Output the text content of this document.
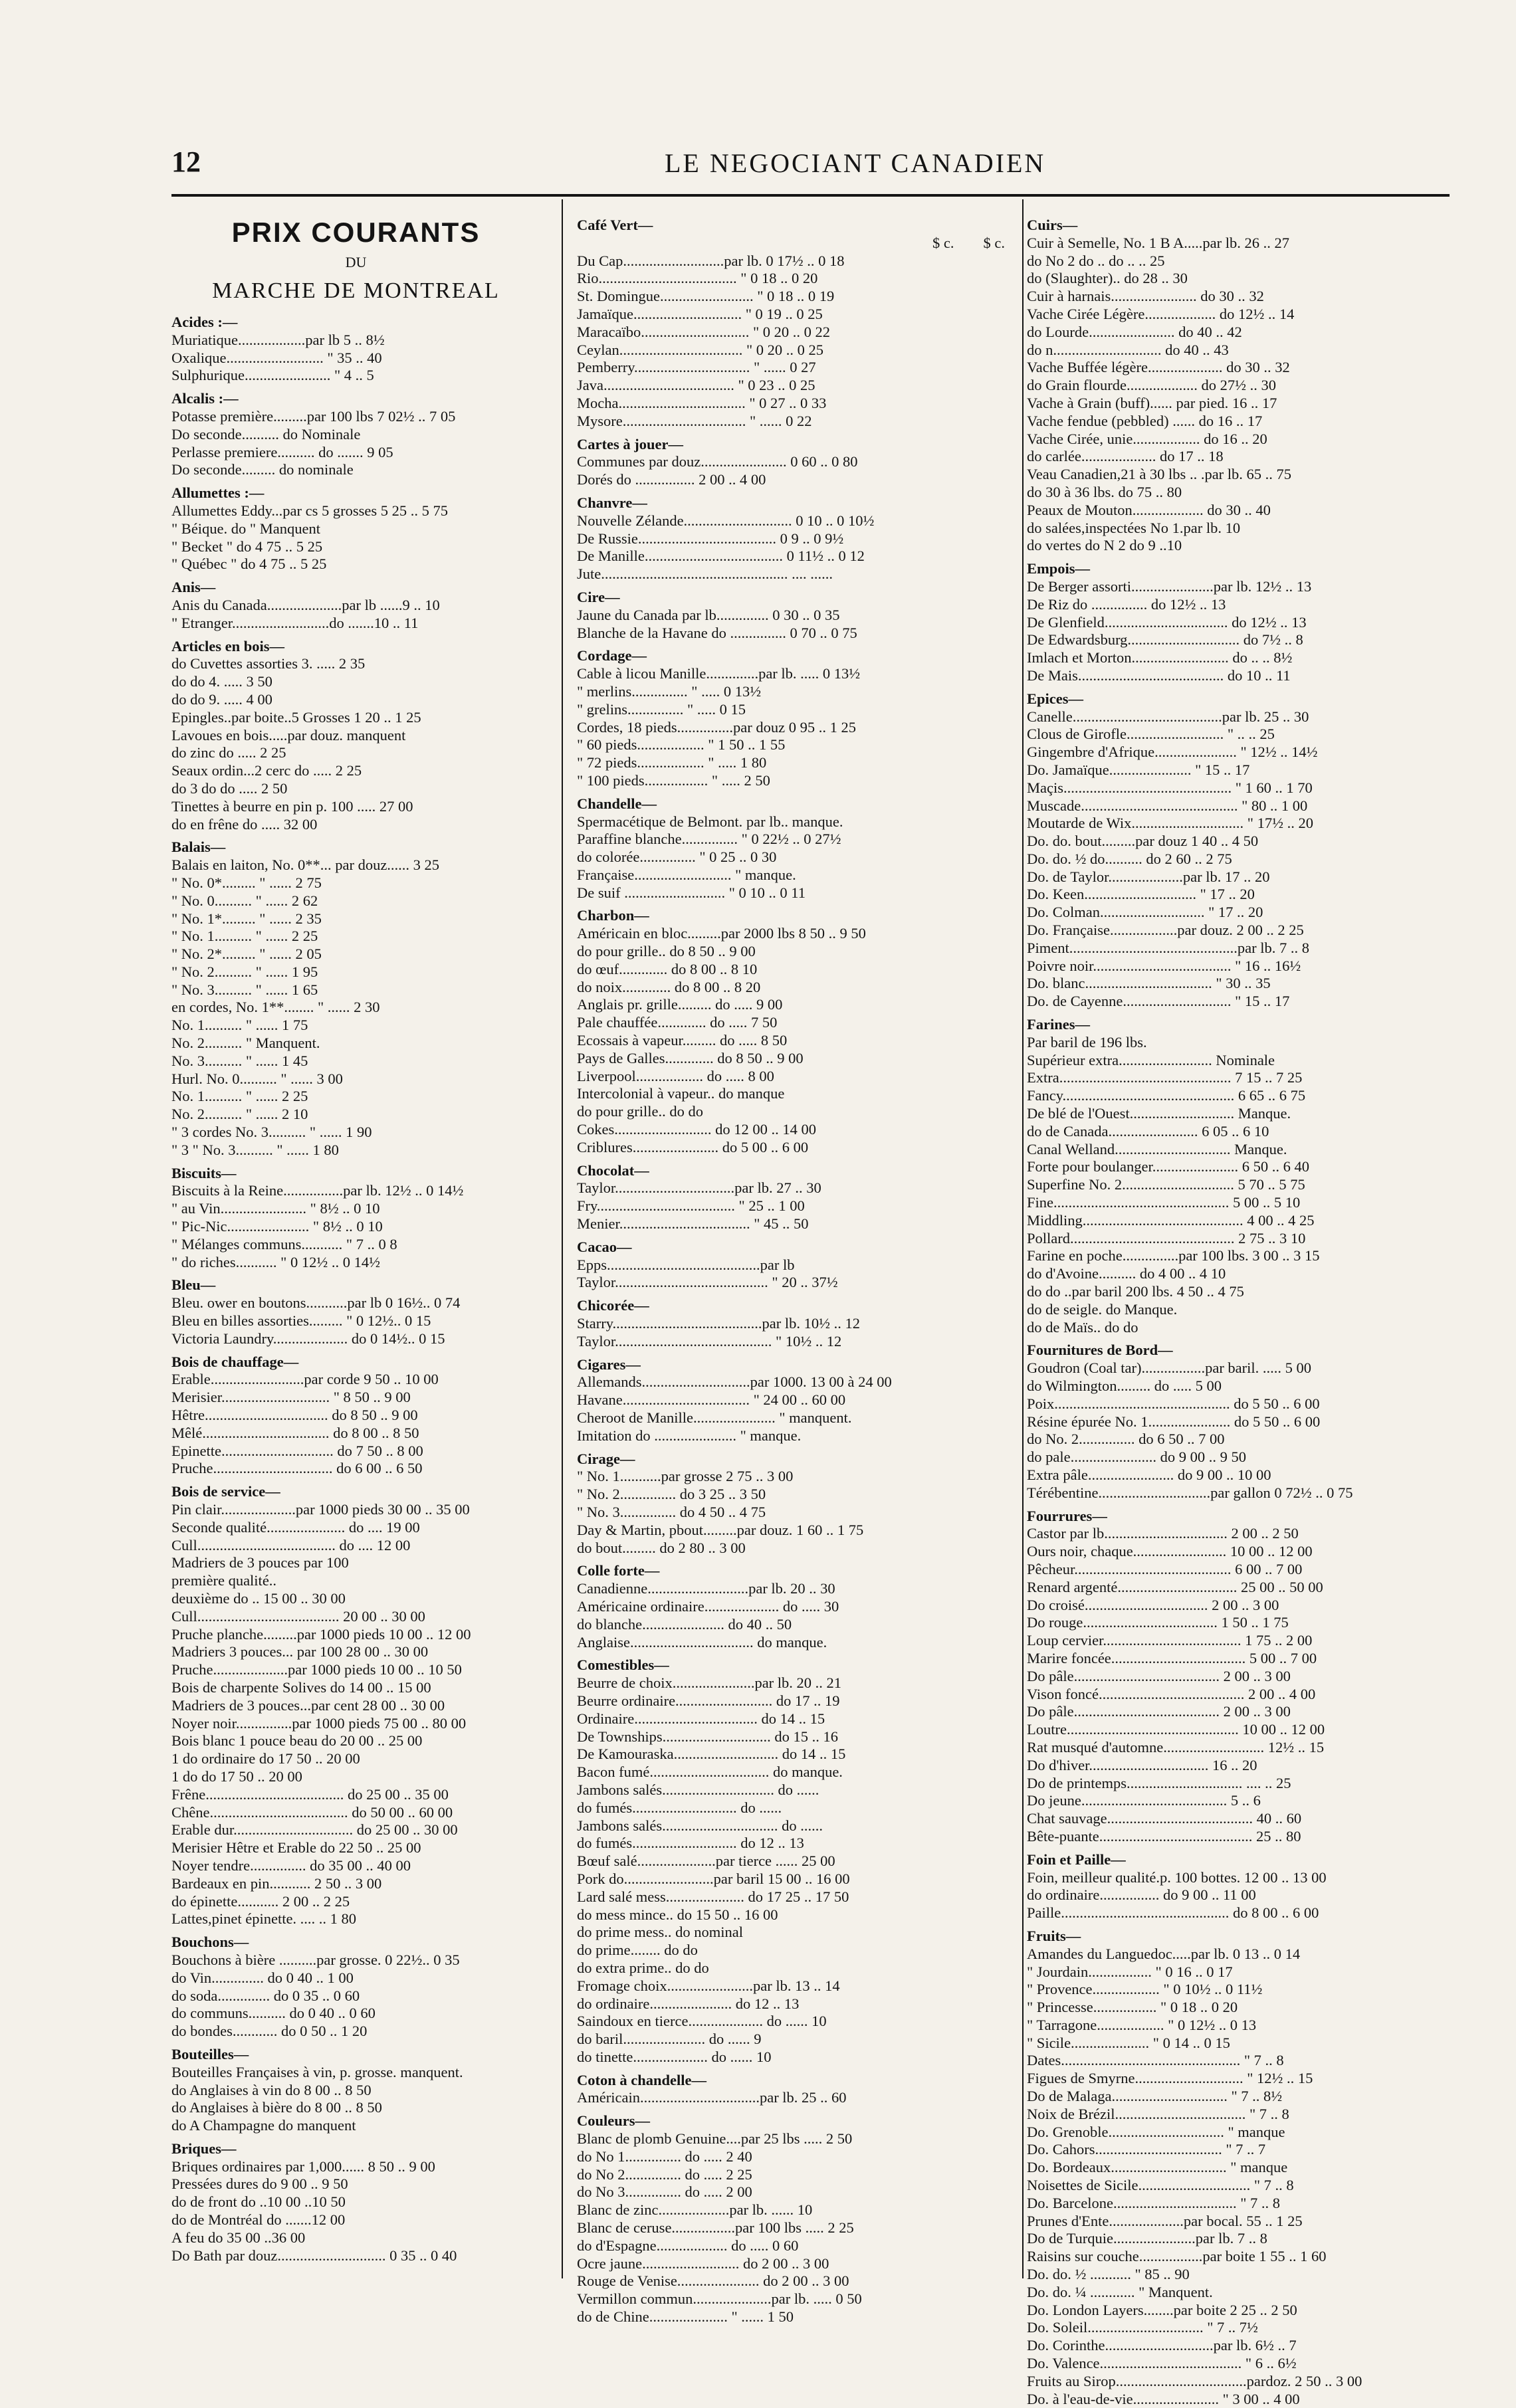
12	LE NEGOCIANT CANADIEN
PRIX COURANTS
DU
MARCHE DE MONTREAL
Acides :—
Muriatique..................par lb 5 .. 8½
Oxalique.......................... " 35 .. 40
Sulphurique....................... " 4 .. 5
Alcalis :—
Potasse première.........par 100 lbs 7 02½ .. 7 05
Do seconde.......... do Nominale
Perlasse premiere.......... do ....... 9 05
Do seconde......... do nominale
Allumettes :—
Allumettes Eddy...par cs 5 grosses 5 25 .. 5 75
" Béique. do " Manquent
" Becket " do 4 75 .. 5 25
" Québec " do 4 75 .. 5 25
Anis—
Anis du Canada....................par lb ......9 .. 10
" Etranger..........................do .......10 .. 11
Articles en bois—
do Cuvettes assorties 3. ..... 2 35
do do 4. ..... 3 50
do do 9. ..... 4 00
Epingles..par boite..5 Grosses 1 20 .. 1 25
Lavoues en bois.....par douz. manquent
do zinc do ..... 2 25
Seaux ordin...2 cerc do ..... 2 25
do 3 do do ..... 2 50
Tinettes à beurre en pin p. 100 ..... 27 00
do en frêne do ..... 32 00
Balais—
Balais en laiton, No. 0**... par douz...... 3 25
" No. 0*......... " ...... 2 75
" No. 0.......... " ...... 2 62
" No. 1*......... " ...... 2 35
" No. 1.......... " ...... 2 25
" No. 2*......... " ...... 2 05
" No. 2.......... " ...... 1 95
" No. 3.......... " ...... 1 65
en cordes, No. 1**........ " ...... 2 30
No. 1.......... " ...... 1 75
No. 2.......... " Manquent.
No. 3.......... " ...... 1 45
Hurl. No. 0.......... " ...... 3 00
No. 1.......... " ...... 2 25
No. 2.......... " ...... 2 10
" 3 cordes No. 3.......... " ...... 1 90
" 3 " No. 3.......... " ...... 1 80
Biscuits—
Biscuits à la Reine................par lb. 12½ .. 0 14½
" au Vin....................... " 8½ .. 0 10
" Pic-Nic...................... " 8½ .. 0 10
" Mélanges communs........... " 7 .. 0 8
" do riches........... " 0 12½ .. 0 14½
Bleu—
Bleu. ower en boutons...........par lb 0 16½.. 0 74
Bleu en billes assorties......... " 0 12½.. 0 15
Victoria Laundry.................... do 0 14½.. 0 15
Bois de chauffage—
Erable.........................par corde 9 50 .. 10 00
Merisier............................. " 8 50 .. 9 00
Hêtre................................. do 8 50 .. 9 00
Mêlé.................................. do 8 00 .. 8 50
Epinette.............................. do 7 50 .. 8 00
Pruche................................ do 6 00 .. 6 50
Bois de service—
Pin clair....................par 1000 pieds 30 00 .. 35 00
Seconde qualité..................... do .... 19 00
Cull..................................... do .... 12 00
Madriers de 3 pouces par 100
première qualité..
deuxième do .. 15 00 .. 30 00
Cull...................................... 20 00 .. 30 00
Pruche planche.........par 1000 pieds 10 00 .. 12 00
Madriers 3 pouces... par 100 28 00 .. 30 00
Pruche....................par 1000 pieds 10 00 .. 10 50
Bois de charpente Solives do 14 00 .. 15 00
Madriers de 3 pouces...par cent 28 00 .. 30 00
Noyer noir...............par 1000 pieds 75 00 .. 80 00
Bois blanc 1 pouce beau do 20 00 .. 25 00
1 do ordinaire do 17 50 .. 20 00
1 do do 17 50 .. 20 00
Frêne..................................... do 25 00 .. 35 00
Chêne..................................... do 50 00 .. 60 00
Erable dur................................ do 25 00 .. 30 00
Merisier Hêtre et Erable do 22 50 .. 25 00
Noyer tendre............... do 35 00 .. 40 00
Bardeaux en pin........... 2 50 .. 3 00
do épinette........... 2 00 .. 2 25
Lattes,pinet épinette. .... .. 1 80
Bouchons—
Bouchons à bière ..........par grosse. 0 22½.. 0 35
do Vin.............. do 0 40 .. 1 00
do soda.............. do 0 35 .. 0 60
do communs.......... do 0 40 .. 0 60
do bondes............ do 0 50 .. 1 20
Bouteilles—
Bouteilles Françaises à vin, p. grosse. manquent.
do Anglaises à vin do 8 00 .. 8 50
do Anglaises à bière do 8 00 .. 8 50
do A Champagne do manquent
Briques—
Briques ordinaires par 1,000...... 8 50 .. 9 00
Pressées dures do 9 00 .. 9 50
do de front do ..10 00 ..10 50
do de Montréal do .......12 00
A feu do 35 00 ..36 00
Do Bath par douz............................. 0 35 .. 0 40
Café Vert—
$ c. $ c.
Du Cap...........................par lb. 0 17½ .. 0 18
Rio..................................... " 0 18 .. 0 20
St. Domingue......................... " 0 18 .. 0 19
Jamaïque............................. " 0 19 .. 0 25
Maracaïbo............................. " 0 20 .. 0 22
Ceylan................................. " 0 20 .. 0 25
Pemberry............................... " ...... 0 27
Java................................... " 0 23 .. 0 25
Mocha.................................. " 0 27 .. 0 33
Mysore................................. " ...... 0 22
Cartes à jouer—
Communes par douz....................... 0 60 .. 0 80
Dorés do ................ 2 00 .. 4 00
Chanvre—
Nouvelle Zélande............................. 0 10 .. 0 10½
De Russie..................................... 0 9 .. 0 9½
De Manille..................................... 0 11½ .. 0 12
Jute.................................................. .... ......
Cire—
Jaune du Canada par lb.............. 0 30 .. 0 35
Blanche de la Havane do ............... 0 70 .. 0 75
Cordage—
Cable à licou Manille..............par lb. ..... 0 13½
" merlins............... " ..... 0 13½
" grelins............... " ..... 0 15
Cordes, 18 pieds...............par douz 0 95 .. 1 25
" 60 pieds.................. " 1 50 .. 1 55
" 72 pieds.................. " ..... 1 80
" 100 pieds................. " ..... 2 50
Chandelle—
Spermacétique de Belmont. par lb.. manque.
Paraffine blanche............... " 0 22½ .. 0 27½
do colorée............... " 0 25 .. 0 30
Française.......................... " manque.
De suif ........................... " 0 10 .. 0 11
Charbon—
Américain en bloc.........par 2000 lbs 8 50 .. 9 50
do pour grille.. do 8 50 .. 9 00
do œuf............. do 8 00 .. 8 10
do noix............. do 8 00 .. 8 20
Anglais pr. grille......... do ..... 9 00
Pale chauffée............. do ..... 7 50
Ecossais à vapeur......... do ..... 8 50
Pays de Galles............. do 8 50 .. 9 00
Liverpool.................. do ..... 8 00
Intercolonial à vapeur.. do manque
do pour grille.. do do
Cokes.......................... do 12 00 .. 14 00
Criblures....................... do 5 00 .. 6 00
Chocolat—
Taylor................................par lb. 27 .. 30
Fry..................................... " 25 .. 1 00
Menier................................... " 45 .. 50
Cacao—
Epps.........................................par lb
Taylor......................................... " 20 .. 37½
Chicorée—
Starry........................................par lb. 10½ .. 12
Taylor.......................................... " 10½ .. 12
Cigares—
Allemands.............................par 1000. 13 00 à 24 00
Havane.................................. " 24 00 .. 60 00
Cheroot de Manille...................... " manquent.
Imitation do ...................... " manque.
Cirage—
" No. 1...........par grosse 2 75 .. 3 00
" No. 2............... do 3 25 .. 3 50
" No. 3............... do 4 50 .. 4 75
Day & Martin, pbout.........par douz. 1 60 .. 1 75
do bout......... do 2 80 .. 3 00
Colle forte—
Canadienne...........................par lb. 20 .. 30
Américaine ordinaire.................... do ..... 30
do blanche...................... do 40 .. 50
Anglaise................................. do manque.
Comestibles—
Beurre de choix......................par lb. 20 .. 21
Beurre ordinaire.......................... do 17 .. 19
Ordinaire................................. do 14 .. 15
De Townships............................. do 15 .. 16
De Kamouraska............................ do 14 .. 15
Bacon fumé................................ do manque.
Jambons salés.............................. do ......
do fumés............................ do ......
Jambons salés............................... do ......
do fumés............................ do 12 .. 13
Bœuf salé.....................par tierce ...... 25 00
Pork do........................par baril 15 00 .. 16 00
Lard salé mess..................... do 17 25 .. 17 50
do mess mince.. do 15 50 .. 16 00
do prime mess.. do nominal
do prime........ do do
do extra prime.. do do
Fromage choix.......................par lb. 13 .. 14
do ordinaire...................... do 12 .. 13
Saindoux en tierce.................... do ...... 10
do baril...................... do ...... 9
do tinette.................... do ...... 10
Coton à chandelle—
Américain................................par lb. 25 .. 60
Couleurs—
Blanc de plomb Genuine....par 25 lbs ..... 2 50
do No 1............... do ..... 2 40
do No 2............... do ..... 2 25
do No 3............... do ..... 2 00
Blanc de zinc...................par lb. ...... 10
Blanc de ceruse.................par 100 lbs ..... 2 25
do d'Espagne................... do ..... 0 60
Ocre jaune.......................... do 2 00 .. 3 00
Rouge de Venise...................... do 2 00 .. 3 00
Vermillon commun.....................par lb. ..... 0 50
do de Chine..................... " ...... 1 50
Cuirs—
Cuir à Semelle, No. 1 B A.....par lb. 26 .. 27
do No 2 do .. do .. .. 25
do (Slaughter).. do 28 .. 30
Cuir à harnais....................... do 30 .. 32
Vache Cirée Légère................... do 12½ .. 14
do Lourde....................... do 40 .. 42
do n............................. do 40 .. 43
Vache Buffée légère.................... do 30 .. 32
do Grain flourde................... do 27½ .. 30
Vache à Grain (buff)...... par pied. 16 .. 17
Vache fendue (pebbled) ...... do 16 .. 17
Vache Cirée, unie.................. do 16 .. 20
do carlée.................... do 17 .. 18
Veau Canadien,21 à 30 lbs .. .par lb. 65 .. 75
do 30 à 36 lbs. do 75 .. 80
Peaux de Mouton................... do 30 .. 40
do salées,inspectées No 1.par lb. 10
do vertes do N 2 do 9 ..10
Empois—
De Berger assorti......................par lb. 12½ .. 13
De Riz do ............... do 12½ .. 13
De Glenfield................................. do 12½ .. 13
De Edwardsburg.............................. do 7½ .. 8
Imlach et Morton.......................... do .. .. 8½
De Mais....................................... do 10 .. 11
Epices—
Canelle........................................par lb. 25 .. 30
Clous de Girofle.......................... " .. .. 25
Gingembre d'Afrique...................... " 12½ .. 14½
Do. Jamaïque...................... " 15 .. 17
Maçis............................................. " 1 60 .. 1 70
Muscade.......................................... " 80 .. 1 00
Moutarde de Wix.............................. " 17½ .. 20
Do. do. bout.........par douz 1 40 .. 4 50
Do. do. ½ do.......... do 2 60 .. 2 75
Do. de Taylor....................par lb. 17 .. 20
Do. Keen.............................. " 17 .. 20
Do. Colman............................ " 17 .. 20
Do. Française..................par douz. 2 00 .. 2 25
Piment.............................................par lb. 7 .. 8
Poivre noir..................................... " 16 .. 16½
Do. blanc.................................. " 30 .. 35
Do. de Cayenne............................. " 15 .. 17
Farines—
Par baril de 196 lbs.
Supérieur extra......................... Nominale
Extra.............................................. 7 15 .. 7 25
Fancy.............................................. 6 65 .. 6 75
De blé de l'Ouest............................ Manque.
do de Canada........................ 6 05 .. 6 10
Canal Welland............................... Manque.
Forte pour boulanger....................... 6 50 .. 6 40
Superfine No. 2.............................. 5 70 .. 5 75
Fine............................................... 5 00 .. 5 10
Middling........................................... 4 00 .. 4 25
Pollard............................................ 2 75 .. 3 10
Farine en poche...............par 100 lbs. 3 00 .. 3 15
do d'Avoine.......... do 4 00 .. 4 10
do do ..par baril 200 lbs. 4 50 .. 4 75
do de seigle. do Manque.
do de Maïs.. do do
Fournitures de Bord—
Goudron (Coal tar).................par baril. ..... 5 00
do Wilmington......... do ..... 5 00
Poix............................................... do 5 50 .. 6 00
Résine épurée No. 1...................... do 5 50 .. 6 00
do No. 2............... do 6 50 .. 7 00
do pale....................... do 9 00 .. 9 50
Extra pâle....................... do 9 00 .. 10 00
Térébentine..............................par gallon 0 72½ .. 0 75
Fourrures—
Castor par lb................................. 2 00 .. 2 50
Ours noir, chaque......................... 10 00 .. 12 00
Pêcheur.......................................... 6 00 .. 7 00
Renard argenté................................ 25 00 .. 50 00
Do croisé................................. 2 00 .. 3 00
Do rouge.................................... 1 50 .. 1 75
Loup cervier..................................... 1 75 .. 2 00
Marire foncée.................................... 5 00 .. 7 00
Do pâle....................................... 2 00 .. 3 00
Vison foncé....................................... 2 00 .. 4 00
Do pâle....................................... 2 00 .. 3 00
Loutre.............................................. 10 00 .. 12 00
Rat musqué d'automne........................... 12½ .. 15
Do d'hiver................................ 16 .. 20
Do de printemps............................... .... .. 25
Do jeune....................................... 5 .. 6
Chat sauvage....................................... 40 .. 60
Bête-puante......................................... 25 .. 80
Foin et Paille—
Foin, meilleur qualité.p. 100 bottes. 12 00 .. 13 00
do ordinaire................ do 9 00 .. 11 00
Paille............................................. do 8 00 .. 6 00
Fruits—
Amandes du Languedoc.....par lb. 0 13 .. 0 14
" Jourdain................. " 0 16 .. 0 17
" Provence.................. " 0 10½ .. 0 11½
" Princesse................. " 0 18 .. 0 20
" Tarragone.................. " 0 12½ .. 0 13
" Sicile..................... " 0 14 .. 0 15
Dates................................................ " 7 .. 8
Figues de Smyrne............................. " 12½ .. 15
Do de Malaga............................... " 7 .. 8½
Noix de Brézil................................... " 7 .. 8
Do. Grenoble............................... " manque
Do. Cahors.................................. " 7 .. 7
Do. Bordeaux............................... " manque
Noisettes de Sicile.............................. " 7 .. 8
Do. Barcelone................................. " 7 .. 8
Prunes d'Ente....................par bocal. 55 .. 1 25
Do de Turquie......................par lb. 7 .. 8
Raisins sur couche.................par boite 1 55 .. 1 60
Do. do. ½ ........... " 85 .. 90
Do. do. ¼ ............ " Manquent.
Do. London Layers........par boite 2 25 .. 2 50
Do. Soleil............................... " 7 .. 7½
Do. Corinthe.............................par lb. 6½ .. 7
Do. Valence...................................... " 6 .. 6½
Fruits au Sirop...................................pardoz. 2 50 .. 3 00
Do. à l'eau-de-vie....................... " 3 00 .. 4 00
